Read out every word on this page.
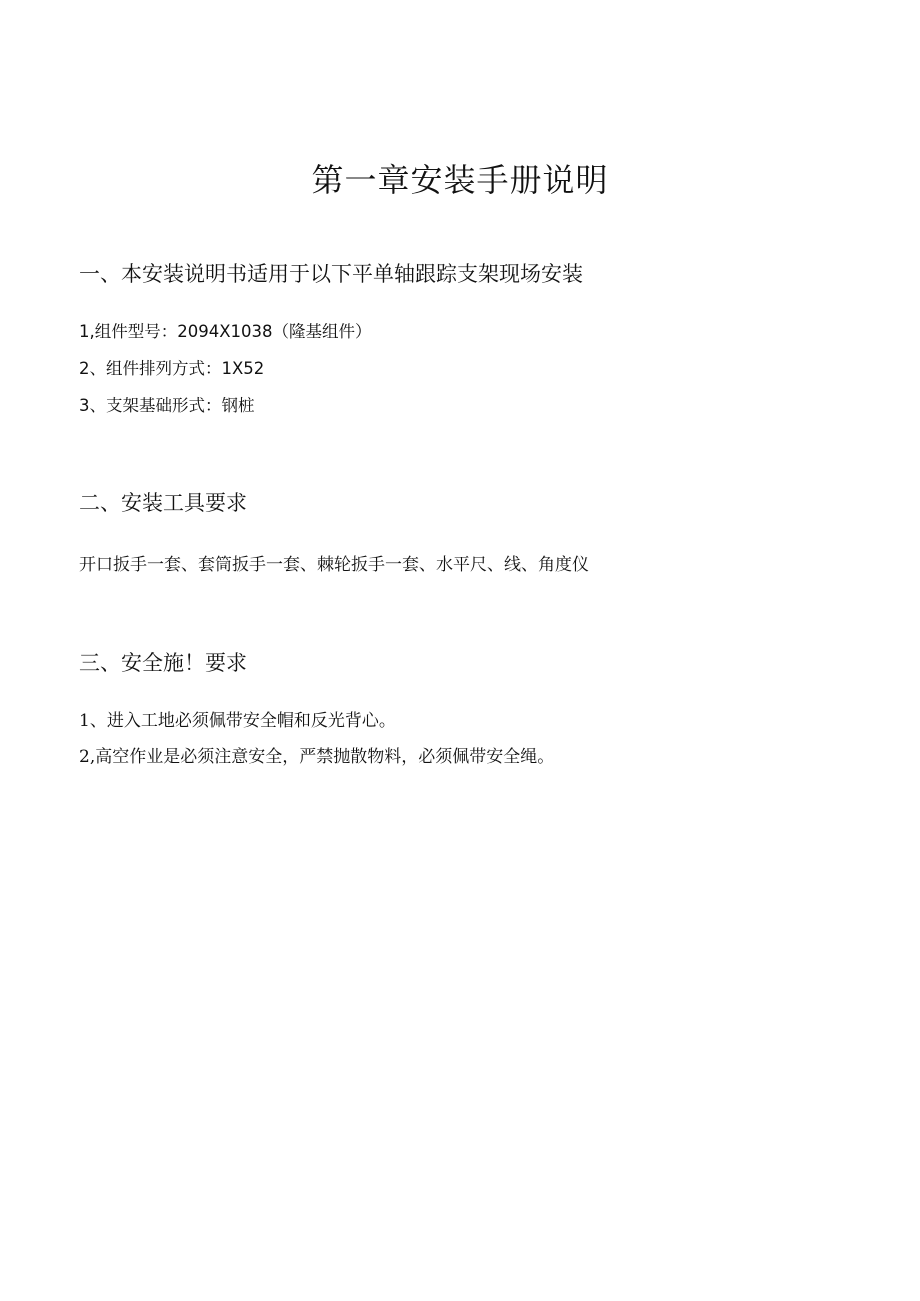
第一章安装手册说明
一、本安装说明书适用于以下平单轴跟踪支架现场安装
1,组件型号：2094X1038（隆基组件）
2、组件排列方式：1X52
3、支架基础形式：钢桩
二、安装工具要求
开口扳手一套、套筒扳手一套、棘轮扳手一套、水平尺、线、角度仪
三、安全施！要求
1、进入工地必须佩带安全帽和反光背心。
2,高空作业是必须注意安全，严禁抛散物料，必须佩带安全绳。
